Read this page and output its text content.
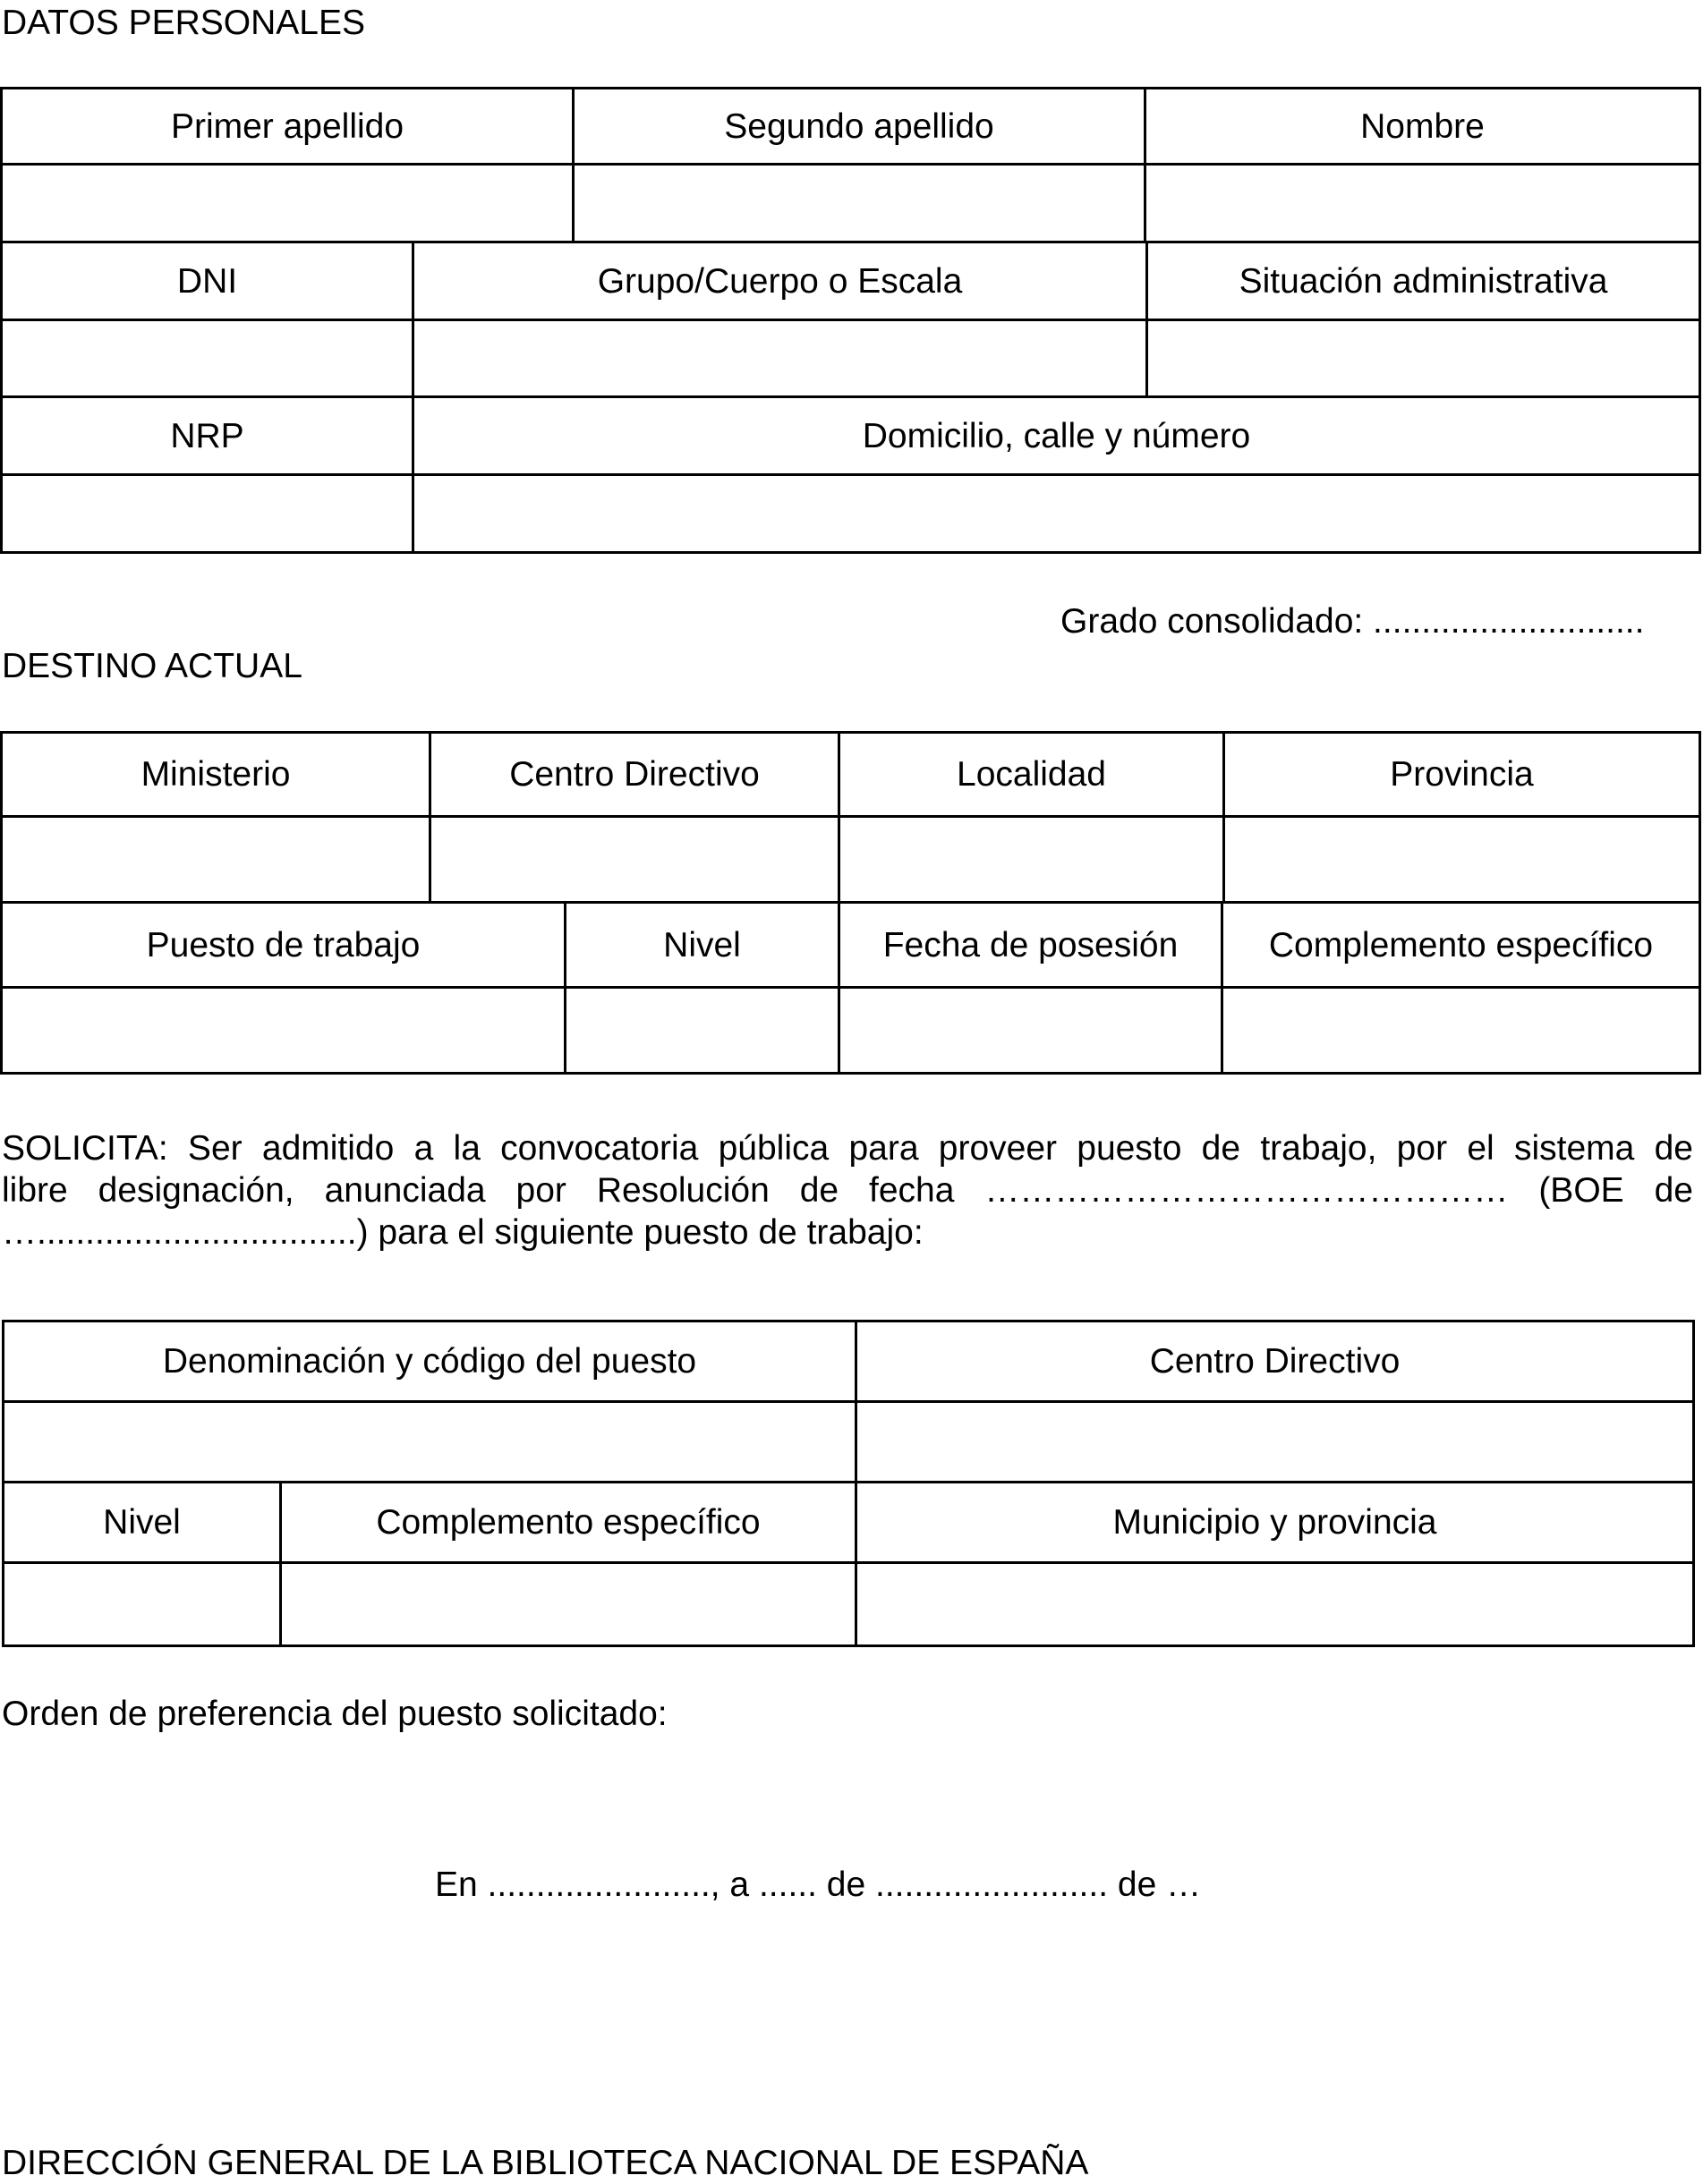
DATOS PERSONALES
Primer apellido	Segundo apellido	Nombre
DNI	Grupo/Cuerpo o Escala	Situación administrativa
NRP	Domicilio, calle y número
Grado consolidado: ............................
DESTINO ACTUAL
Ministerio	Centro Directivo	Localidad	Provincia
Puesto de trabajo	Nivel	Fecha de posesión	Complemento específico
SOLICITA: Ser admitido a la convocatoria pública para proveer puesto de trabajo, por el sistema de
libre designación, anunciada por Resolución de fecha ……………………………………… (BOE de
….................................) para el siguiente puesto de trabajo:
Denominación y código del puesto	Centro Directivo
Nivel	Complemento específico	Municipio y provincia
Orden de preferencia del puesto solicitado:
En ......................., a ...... de ........................ de …
DIRECCIÓN GENERAL DE LA BIBLIOTECA NACIONAL DE ESPAÑA
